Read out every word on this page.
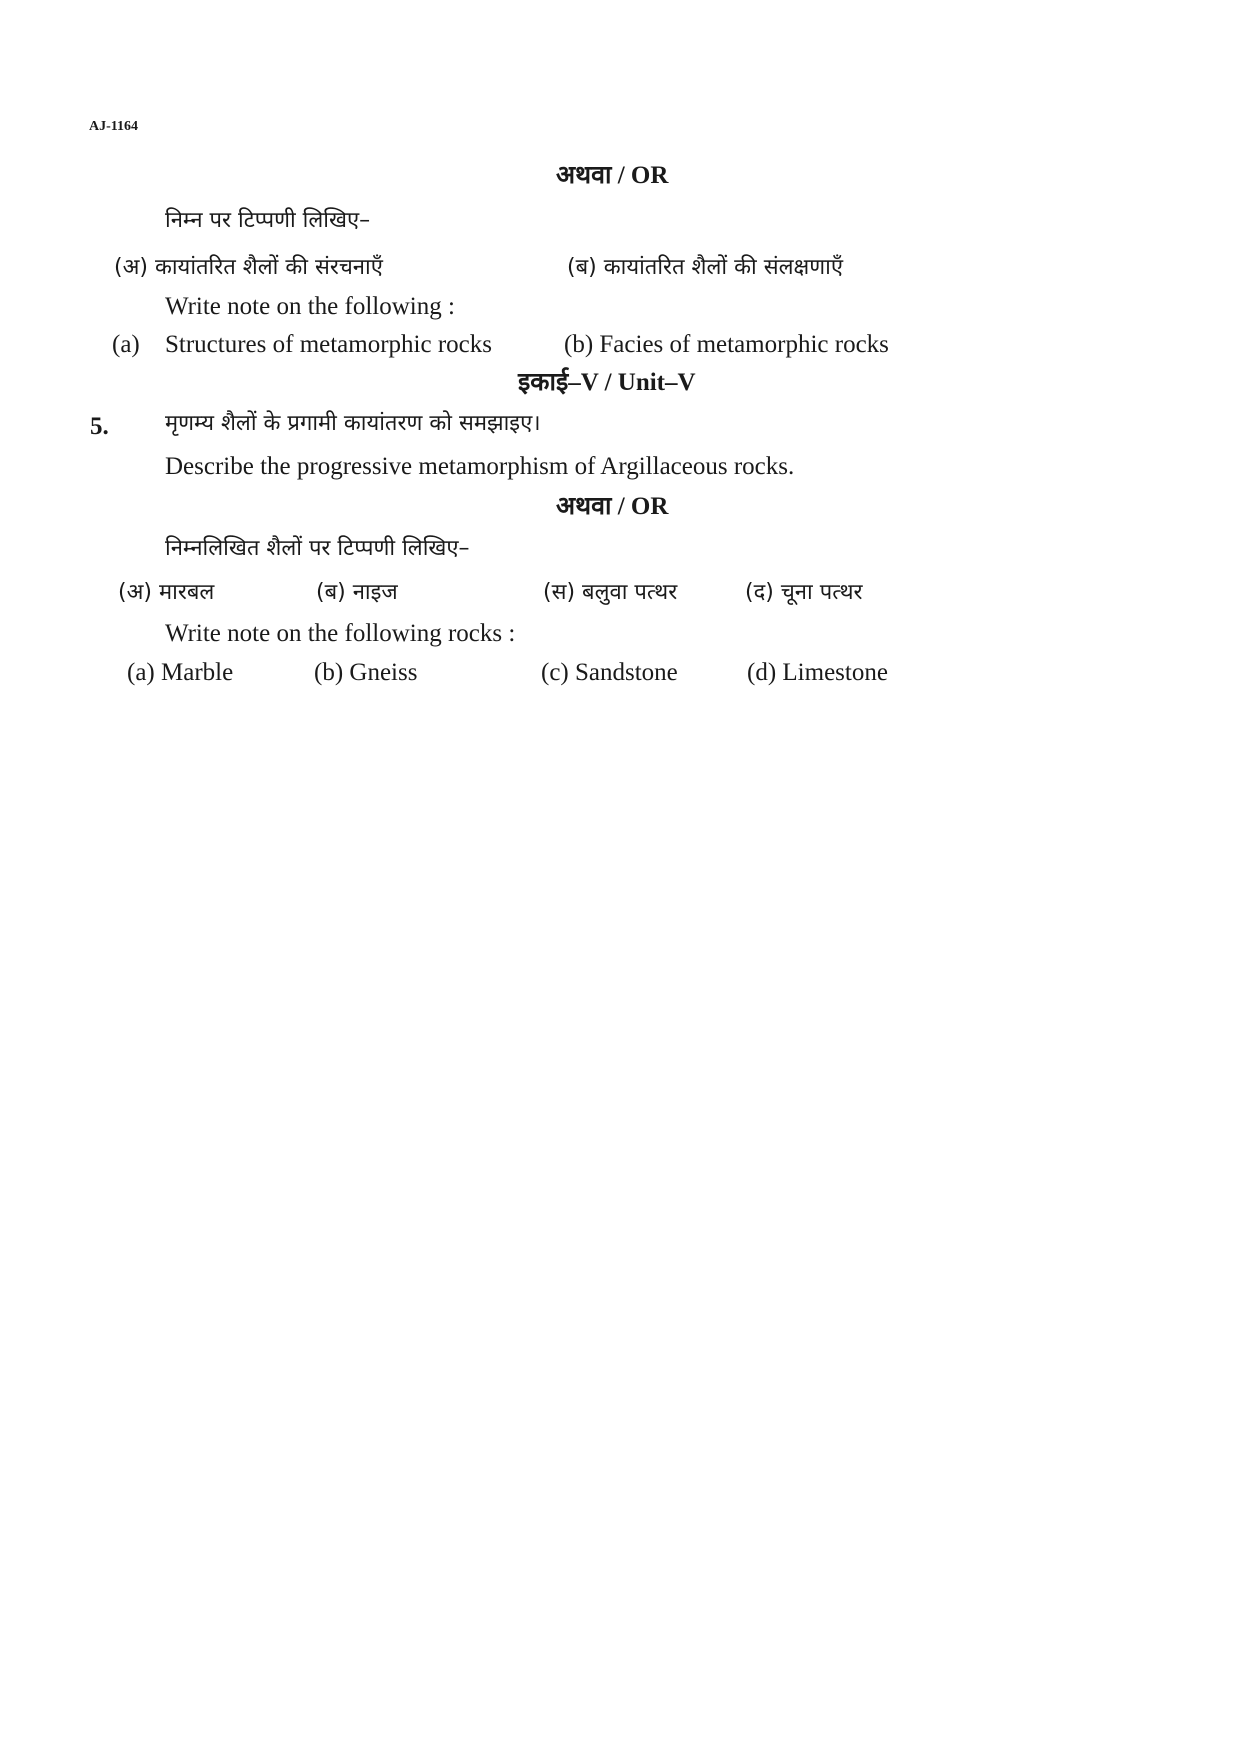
AJ-1164
अथवा / OR
निम्न पर टिप्पणी लिखिए–
(अ) कायांतरित शैलों की संरचनाएँ	(ब) कायांतरित शैलों की संलक्षणाएँ
Write note on the following :
(a) Structures of metamorphic rocks	(b) Facies of metamorphic rocks
इकाई–V / Unit–V
5.	मृणम्य शैलों के प्रगामी कायांतरण को समझाइए।
Describe the progressive metamorphism of Argillaceous rocks.
अथवा / OR
निम्नलिखित शैलों पर टिप्पणी लिखिए–
(अ) मारबल	(ब) नाइज	(स) बलुवा पत्थर	(द) चूना पत्थर
Write note on the following rocks :
(a) Marble	(b) Gneiss	(c) Sandstone	(d) Limestone
